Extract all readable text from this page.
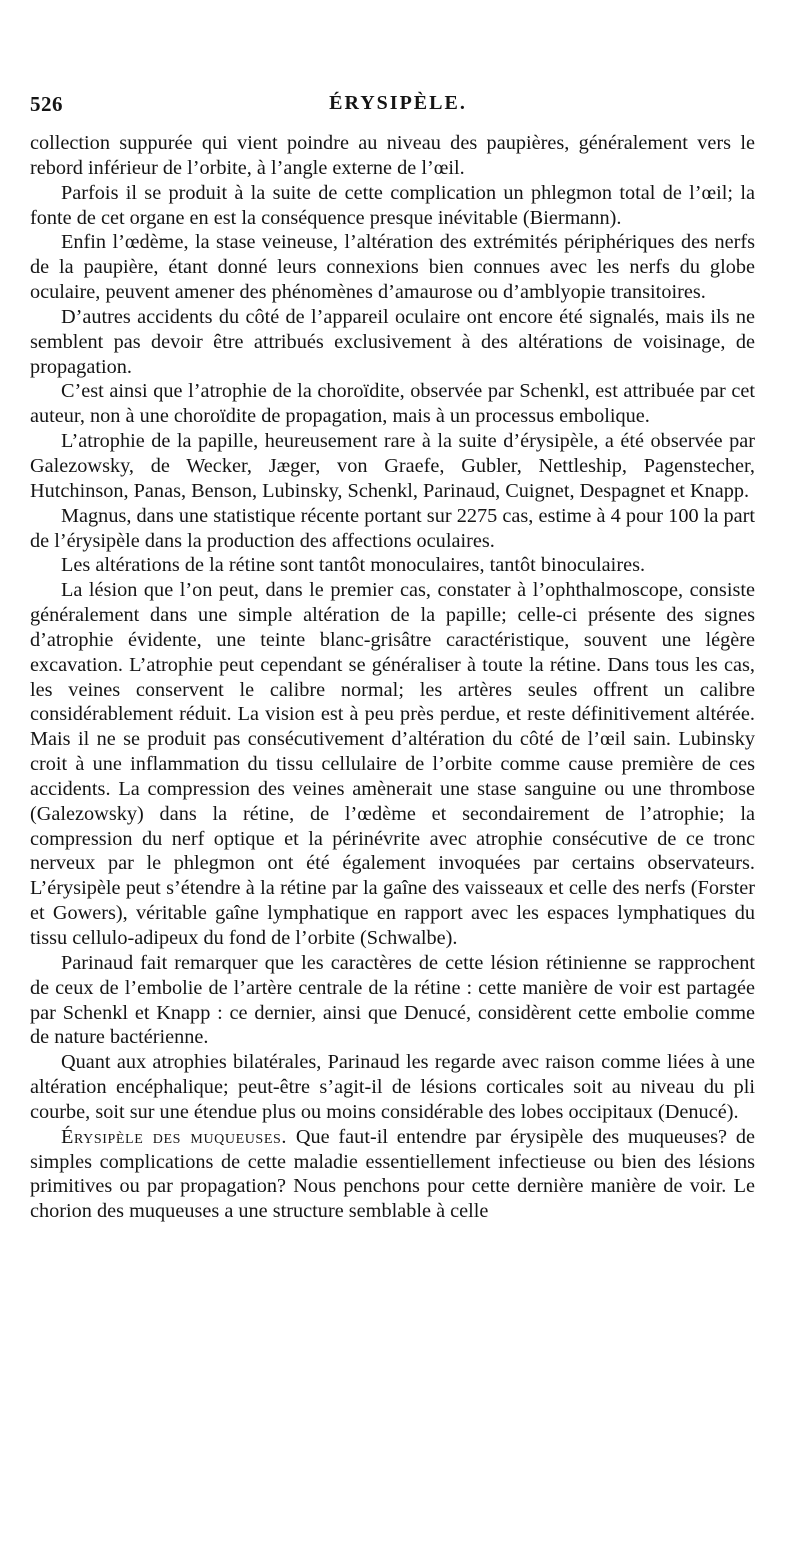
526	ÉRYSIPÈLE.

collection suppurée qui vient poindre au niveau des paupières, généralement vers le rebord inférieur de l’orbite, à l’angle externe de l’œil.

Parfois il se produit à la suite de cette complication un phlegmon total de l’œil; la fonte de cet organe en est la conséquence presque inévitable (Biermann).

Enfin l’œdème, la stase veineuse, l’altération des extrémités périphériques des nerfs de la paupière, étant donné leurs connexions bien connues avec les nerfs du globe oculaire, peuvent amener des phénomènes d’amaurose ou d’amblyopie transitoires.

D’autres accidents du côté de l’appareil oculaire ont encore été signalés, mais ils ne semblent pas devoir être attribués exclusivement à des altérations de voisinage, de propagation.

C’est ainsi que l’atrophie de la choroïdite, observée par Schenkl, est attribuée par cet auteur, non à une choroïdite de propagation, mais à un processus embolique.

L’atrophie de la papille, heureusement rare à la suite d’érysipèle, a été observée par Galezowsky, de Wecker, Jæger, von Graefe, Gubler, Nettleship, Pagenstecher, Hutchinson, Panas, Benson, Lubinsky, Schenkl, Parinaud, Cuignet, Despagnet et Knapp.

Magnus, dans une statistique récente portant sur 2275 cas, estime à 4 pour 100 la part de l’érysipèle dans la production des affections oculaires.

Les altérations de la rétine sont tantôt monoculaires, tantôt binoculaires.

La lésion que l’on peut, dans le premier cas, constater à l’ophthalmoscope, consiste généralement dans une simple altération de la papille; celle-ci présente des signes d’atrophie évidente, une teinte blanc-grisâtre caractéristique, souvent une légère excavation. L’atrophie peut cependant se généraliser à toute la rétine. Dans tous les cas, les veines conservent le calibre normal; les artères seules offrent un calibre considérablement réduit. La vision est à peu près perdue, et reste définitivement altérée. Mais il ne se produit pas consécutivement d’altération du côté de l’œil sain. Lubinsky croit à une inflammation du tissu cellulaire de l’orbite comme cause première de ces accidents. La compression des veines amènerait une stase sanguine ou une thrombose (Galezowsky) dans la rétine, de l’œdème et secondairement de l’atrophie; la compression du nerf optique et la périnévrite avec atrophie consécutive de ce tronc nerveux par le phlegmon ont été également invoquées par certains observateurs. L’érysipèle peut s’étendre à la rétine par la gaîne des vaisseaux et celle des nerfs (Forster et Gowers), véritable gaîne lymphatique en rapport avec les espaces lymphatiques du tissu cellulo-adipeux du fond de l’orbite (Schwalbe).

Parinaud fait remarquer que les caractères de cette lésion rétinienne se rapprochent de ceux de l’embolie de l’artère centrale de la rétine : cette manière de voir est partagée par Schenkl et Knapp : ce dernier, ainsi que Denucé, considèrent cette embolie comme de nature bactérienne.

Quant aux atrophies bilatérales, Parinaud les regarde avec raison comme liées à une altération encéphalique; peut-être s’agit-il de lésions corticales soit au niveau du pli courbe, soit sur une étendue plus ou moins considérable des lobes occipitaux (Denucé).

Érysipèle des muqueuses. Que faut-il entendre par érysipèle des muqueuses? de simples complications de cette maladie essentiellement infectieuse ou bien des lésions primitives ou par propagation? Nous penchons pour cette dernière manière de voir. Le chorion des muqueuses a une structure semblable à celle
